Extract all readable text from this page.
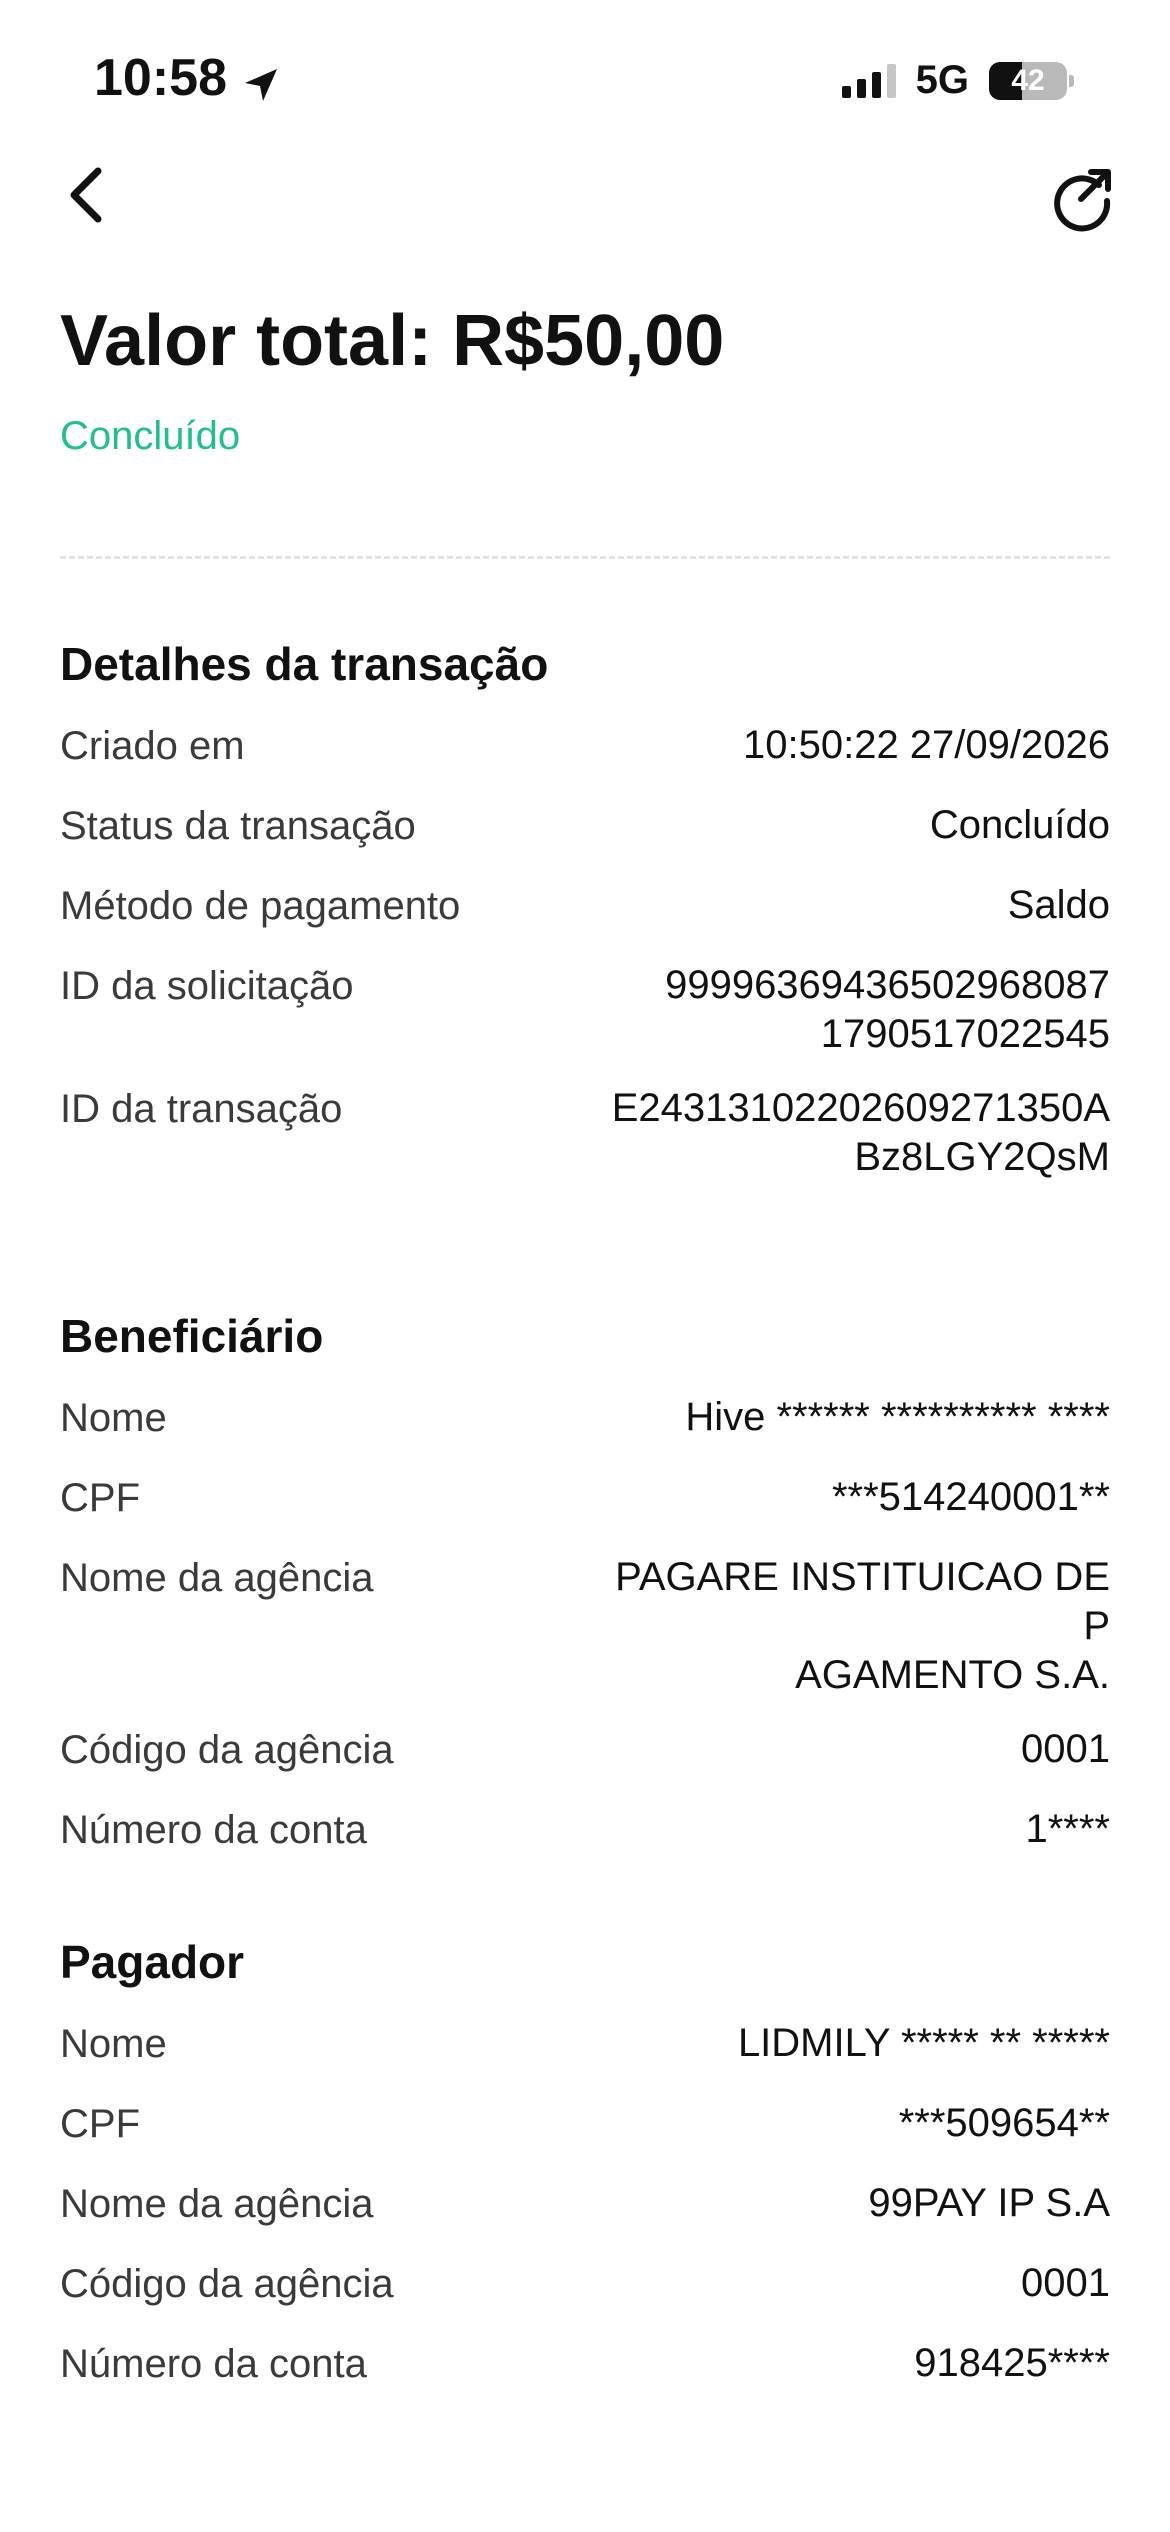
10:58	5G 42
Valor total: R$50,00
Concluído
Detalhes da transação
Criado em	10:50:22 27/09/2026
Status da transação	Concluído
Método de pagamento	Saldo
ID da solicitação	99996369436502968087
1790517022545
ID da transação	E24313102202609271350A
Bz8LGY2QsM
Beneficiário
Nome	Hive ****** ********** ****
CPF	***514240001**
Nome da agência	PAGARE INSTITUICAO DE P
AGAMENTO S.A.
Código da agência	0001
Número da conta	1****
Pagador
Nome	LIDMILY ***** ** *****
CPF	***509654**
Nome da agência	99PAY IP S.A
Código da agência	0001
Número da conta	918425****
